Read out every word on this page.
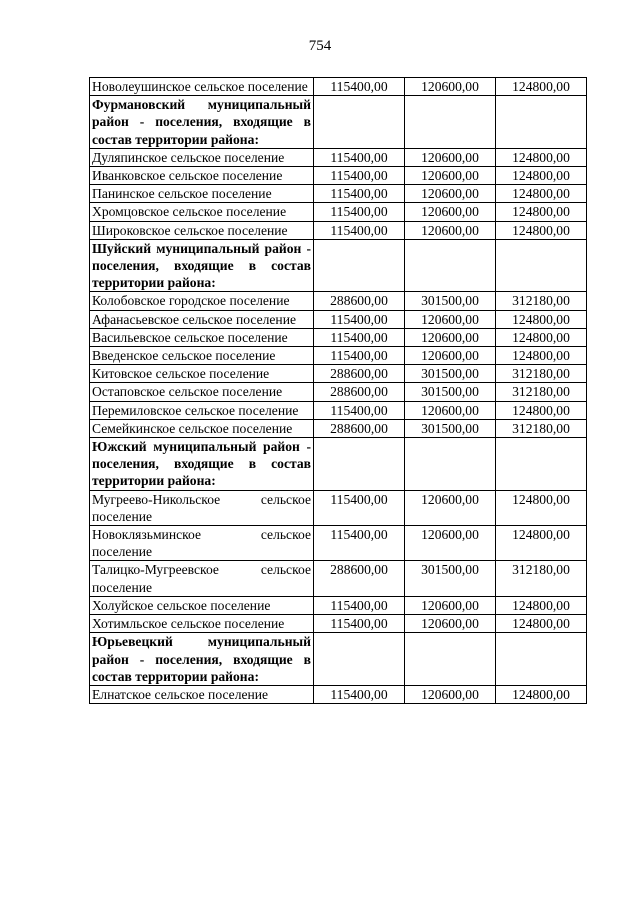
754
Новолеушинское сельское поселение	115400,00	120600,00	124800,00
Фурмановский муниципальный район - поселения, входящие в состав территории района:			
Дуляпинское сельское поселение	115400,00	120600,00	124800,00
Иванковское сельское поселение	115400,00	120600,00	124800,00
Панинское сельское поселение	115400,00	120600,00	124800,00
Хромцовское сельское поселение	115400,00	120600,00	124800,00
Широковское сельское поселение	115400,00	120600,00	124800,00
Шуйский муниципальный район - поселения, входящие в состав территории района:			
Колобовское городское поселение	288600,00	301500,00	312180,00
Афанасьевское сельское поселение	115400,00	120600,00	124800,00
Васильевское сельское поселение	115400,00	120600,00	124800,00
Введенское сельское поселение	115400,00	120600,00	124800,00
Китовское сельское поселение	288600,00	301500,00	312180,00
Остаповское сельское поселение	288600,00	301500,00	312180,00
Перемиловское сельское поселение	115400,00	120600,00	124800,00
Семейкинское сельское поселение	288600,00	301500,00	312180,00
Южский муниципальный район - поселения, входящие в состав территории района:			
Мугреево-Никольское сельское поселение	115400,00	120600,00	124800,00
Новоклязьминское сельское поселение	115400,00	120600,00	124800,00
Талицко-Мугреевское сельское поселение	288600,00	301500,00	312180,00
Холуйское сельское поселение	115400,00	120600,00	124800,00
Хотимльское сельское поселение	115400,00	120600,00	124800,00
Юрьевецкий муниципальный район - поселения, входящие в состав территории района:			
Елнатское сельское поселение	115400,00	120600,00	124800,00
